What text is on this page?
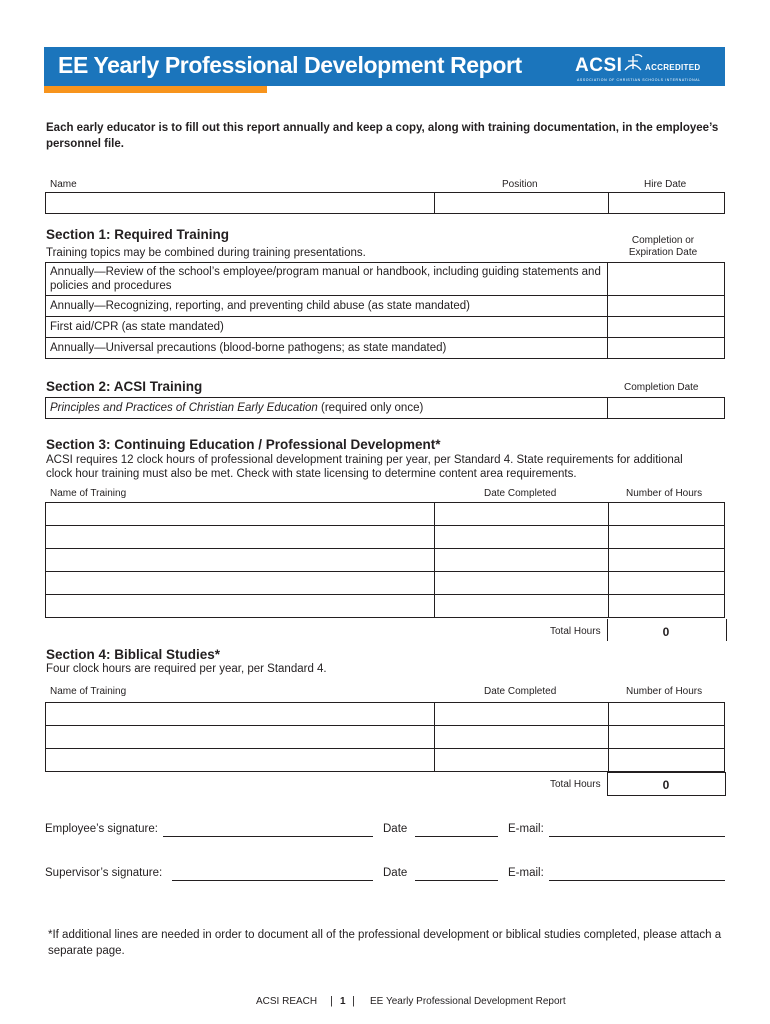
EE Yearly Professional Development Report	ACSI	ACCREDITED
ASSOCIATION OF CHRISTIAN SCHOOLS INTERNATIONAL
Each early educator is to fill out this report annually and keep a copy, along with training documentation, in the employee’s personnel file.
Name	Position	Hire Date

Section 1: Required Training
Training topics may be combined during training presentations.
Completion or Expiration Date
Annually—Review of the school’s employee/program manual or handbook, including guiding statements and policies and procedures	
Annually—Recognizing, reporting, and preventing child abuse (as state mandated)	
First aid/CPR (as state mandated)	
Annually—Universal precautions (blood-borne pathogens; as state mandated)	
Section 2: ACSI Training	Completion Date
Principles and Practices of Christian Early Education (required only once)	
Section 3: Continuing Education / Professional Development*
ACSI requires 12 clock hours of professional development training per year, per Standard 4. State requirements for additional clock hour training must also be met. Check with state licensing to determine content area requirements.
Name of Training	Date Completed	Number of Hours

Total Hours	0
Section 4: Biblical Studies*
Four clock hours are required per year, per Standard 4.
Name of Training	Date Completed	Number of Hours

Total Hours	0
Employee’s signature:	Date	E-mail:
Supervisor’s signature:	Date	E-mail:
*If additional lines are needed in order to document all of the professional development or biblical studies completed, please attach a separate page.
ACSI REACH | 1 | EE Yearly Professional Development Report
